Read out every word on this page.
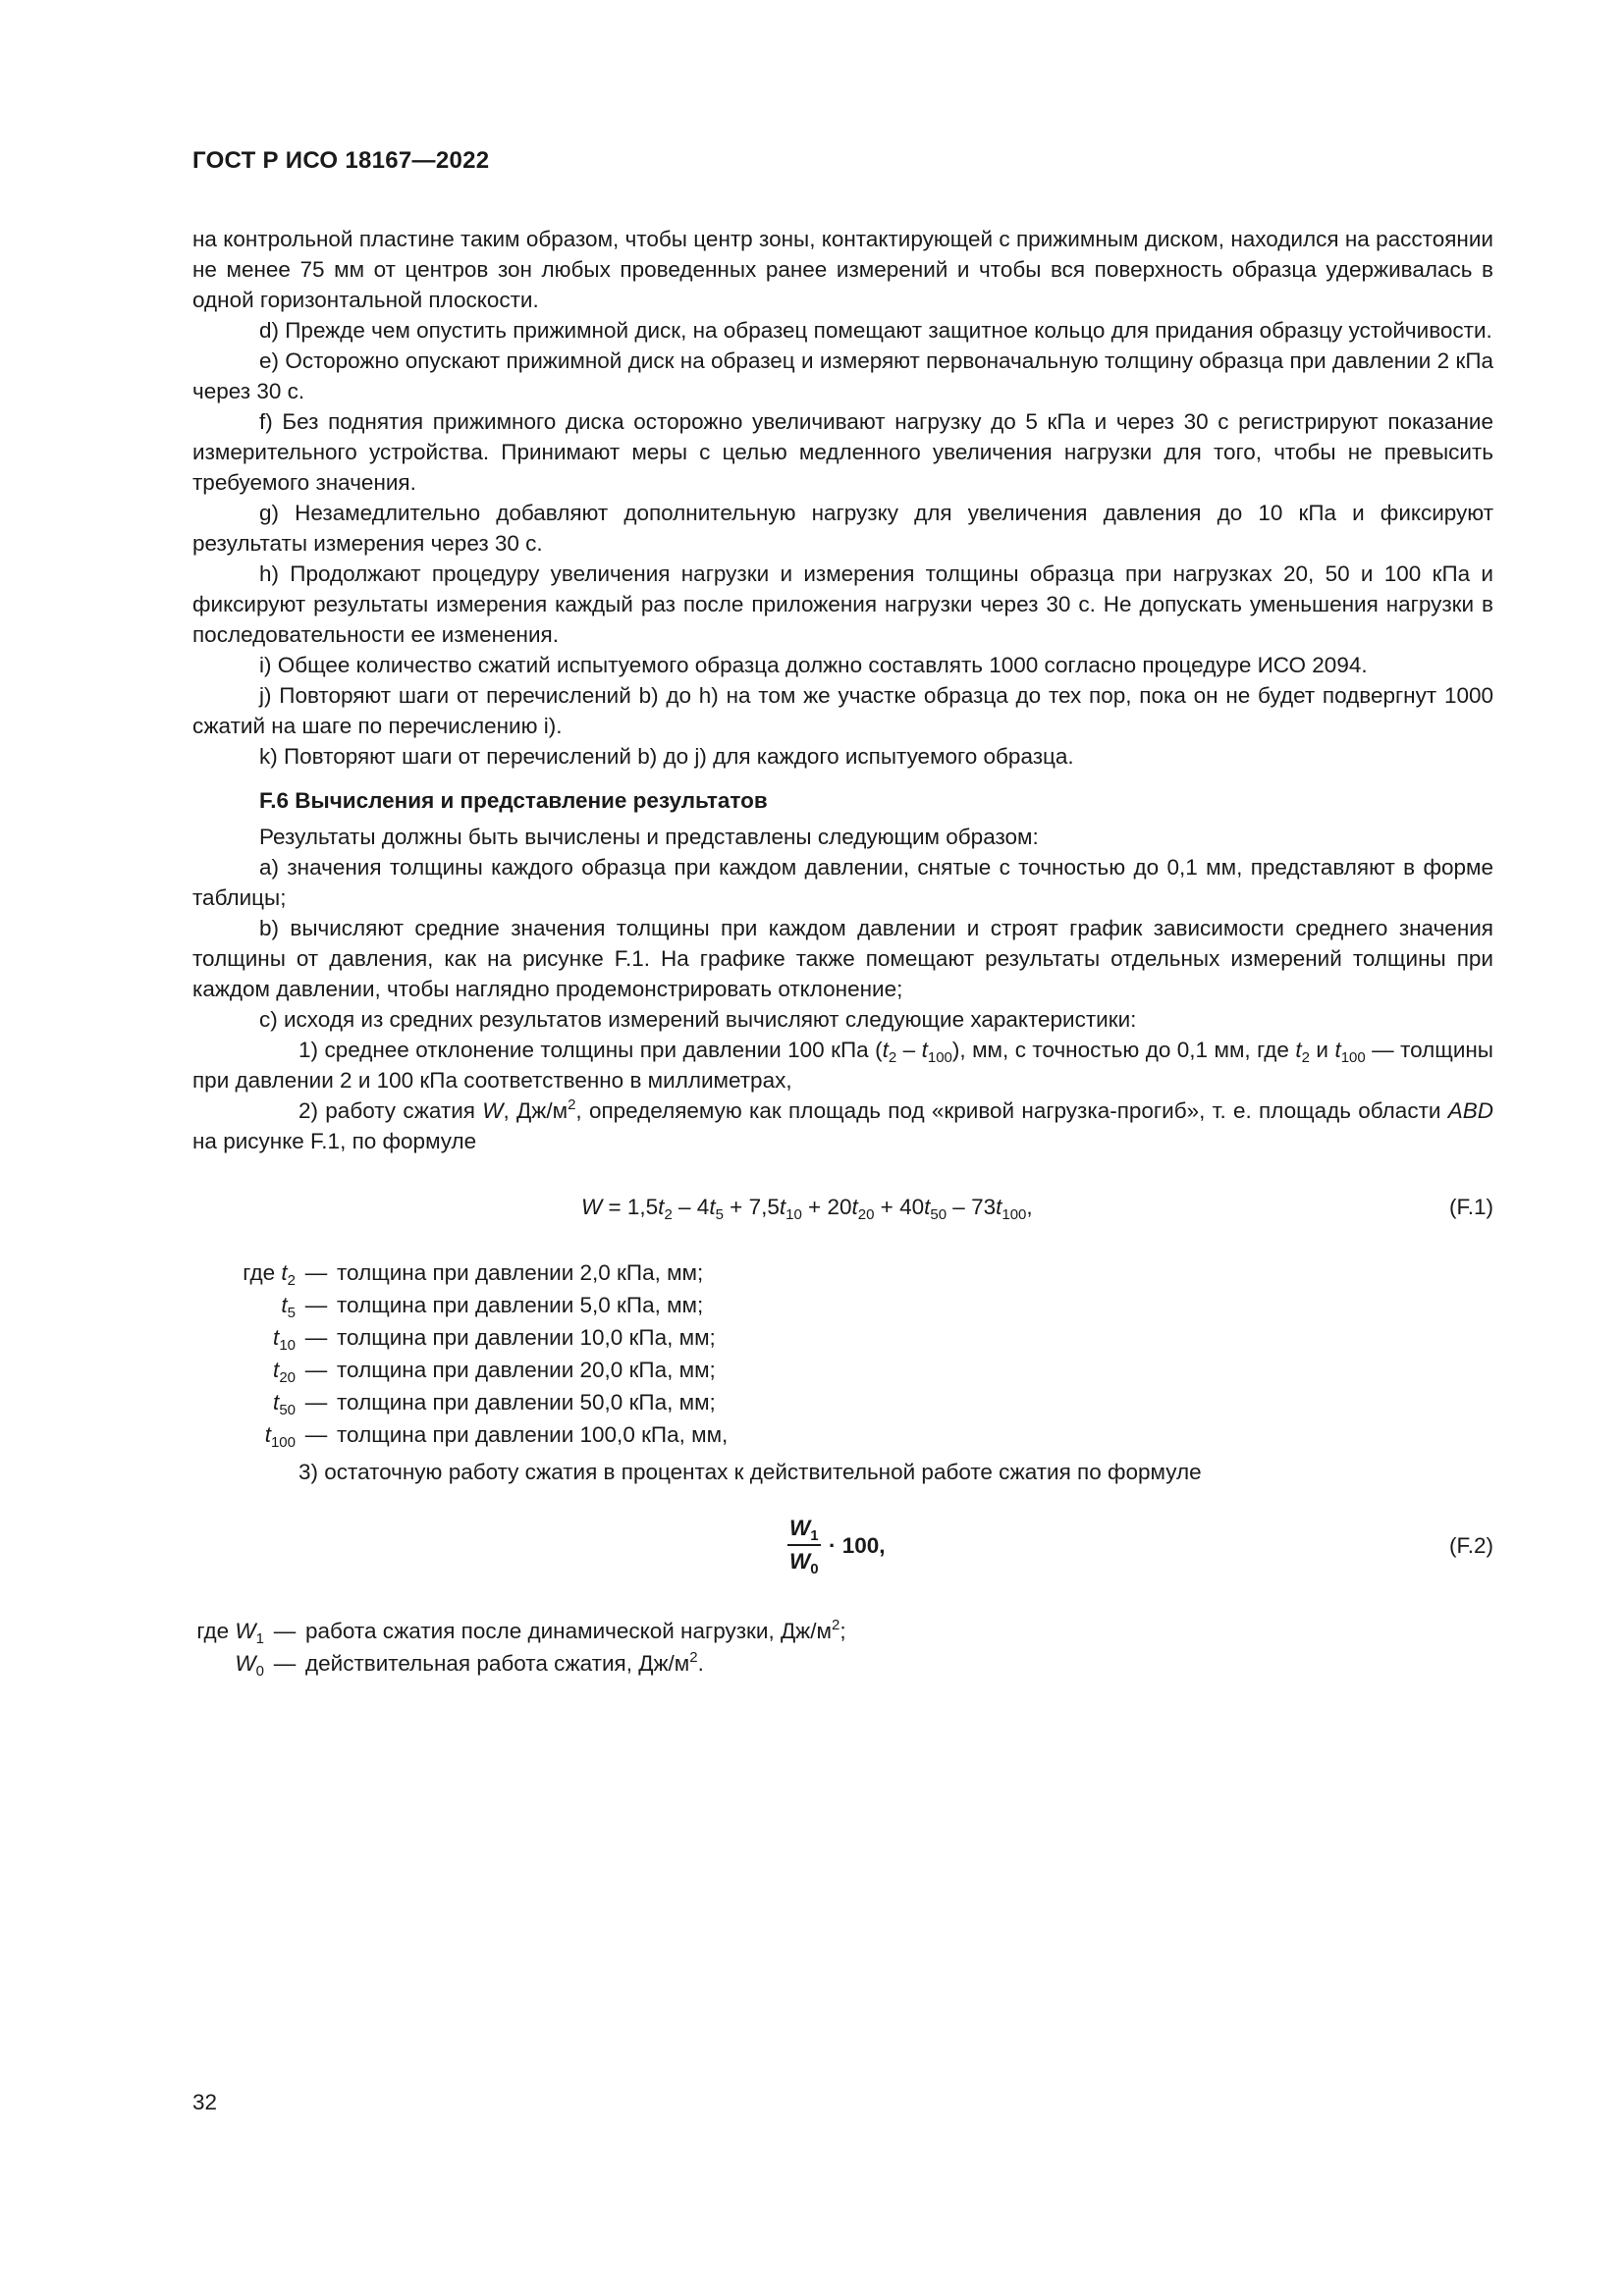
ГОСТ Р ИСО 18167—2022

на контрольной пластине таким образом, чтобы центр зоны, контактирующей с прижимным диском, находился на расстоянии не менее 75 мм от центров зон любых проведенных ранее измерений и чтобы вся поверхность образца удерживалась в одной горизонтальной плоскости.

d) Прежде чем опустить прижимной диск, на образец помещают защитное кольцо для придания образцу устойчивости.

e) Осторожно опускают прижимной диск на образец и измеряют первоначальную толщину образца при давлении 2 кПа через 30 с.

f) Без поднятия прижимного диска осторожно увеличивают нагрузку до 5 кПа и через 30 с регистрируют показание измерительного устройства. Принимают меры с целью медленного увеличения нагрузки для того, чтобы не превысить требуемого значения.

g) Незамедлительно добавляют дополнительную нагрузку для увеличения давления до 10 кПа и фиксируют результаты измерения через 30 с.

h) Продолжают процедуру увеличения нагрузки и измерения толщины образца при нагрузках 20, 50 и 100 кПа и фиксируют результаты измерения каждый раз после приложения нагрузки через 30 с. Не допускать уменьшения нагрузки в последовательности ее изменения.

i) Общее количество сжатий испытуемого образца должно составлять 1000 согласно процедуре ИСО 2094.

j) Повторяют шаги от перечислений b) до h) на том же участке образца до тех пор, пока он не будет подвергнут 1000 сжатий на шаге по перечислению i).

k) Повторяют шаги от перечислений b) до j) для каждого испытуемого образца.

F.6 Вычисления и представление результатов

Результаты должны быть вычислены и представлены следующим образом:

a) значения толщины каждого образца при каждом давлении, снятые с точностью до 0,1 мм, представляют в форме таблицы;

b) вычисляют средние значения толщины при каждом давлении и строят график зависимости среднего значения толщины от давления, как на рисунке F.1. На графике также помещают результаты отдельных измерений толщины при каждом давлении, чтобы наглядно продемонстрировать отклонение;

c) исходя из средних результатов измерений вычисляют следующие характеристики:

1) среднее отклонение толщины при давлении 100 кПа $(t_2 - t_{100})$, мм, с точностью до 0,1 мм, где $t_2$ и $t_{100}$ — толщины при давлении 2 и 100 кПа соответственно в миллиметрах,

2) работу сжатия W, $Дж/м^2$, определяемую как площадь под «кривой нагрузка-прогиб», т. е. площадь области ABD на рисунке F.1, по формуле

$W = 1,5t_2 - 4t_5 + 7,5t_{10} + 20t_{20} + 40t_{50} - 73t_{100}$,	(F.1)
где $t_2$ — толщина при давлении 2,0 кПа, мм;
$t_5$ — толщина при давлении 5,0 кПа, мм;
$t_{10}$ — толщина при давлении 10,0 кПа, мм;
$t_{20}$ — толщина при давлении 20,0 кПа, мм;
$t_{50}$ — толщина при давлении 50,0 кПа, мм;
$t_{100}$ — толщина при давлении 100,0 кПа, мм,

3) остаточную работу сжатия в процентах к действительной работе сжатия по формуле

$\frac{W_1}{W_0} \cdot 100$,	(F.2)
где $W_1$ — работа сжатия после динамической нагрузки, $Дж/м^2$;
$W_0$ — действительная работа сжатия, $Дж/м^2$.
32
